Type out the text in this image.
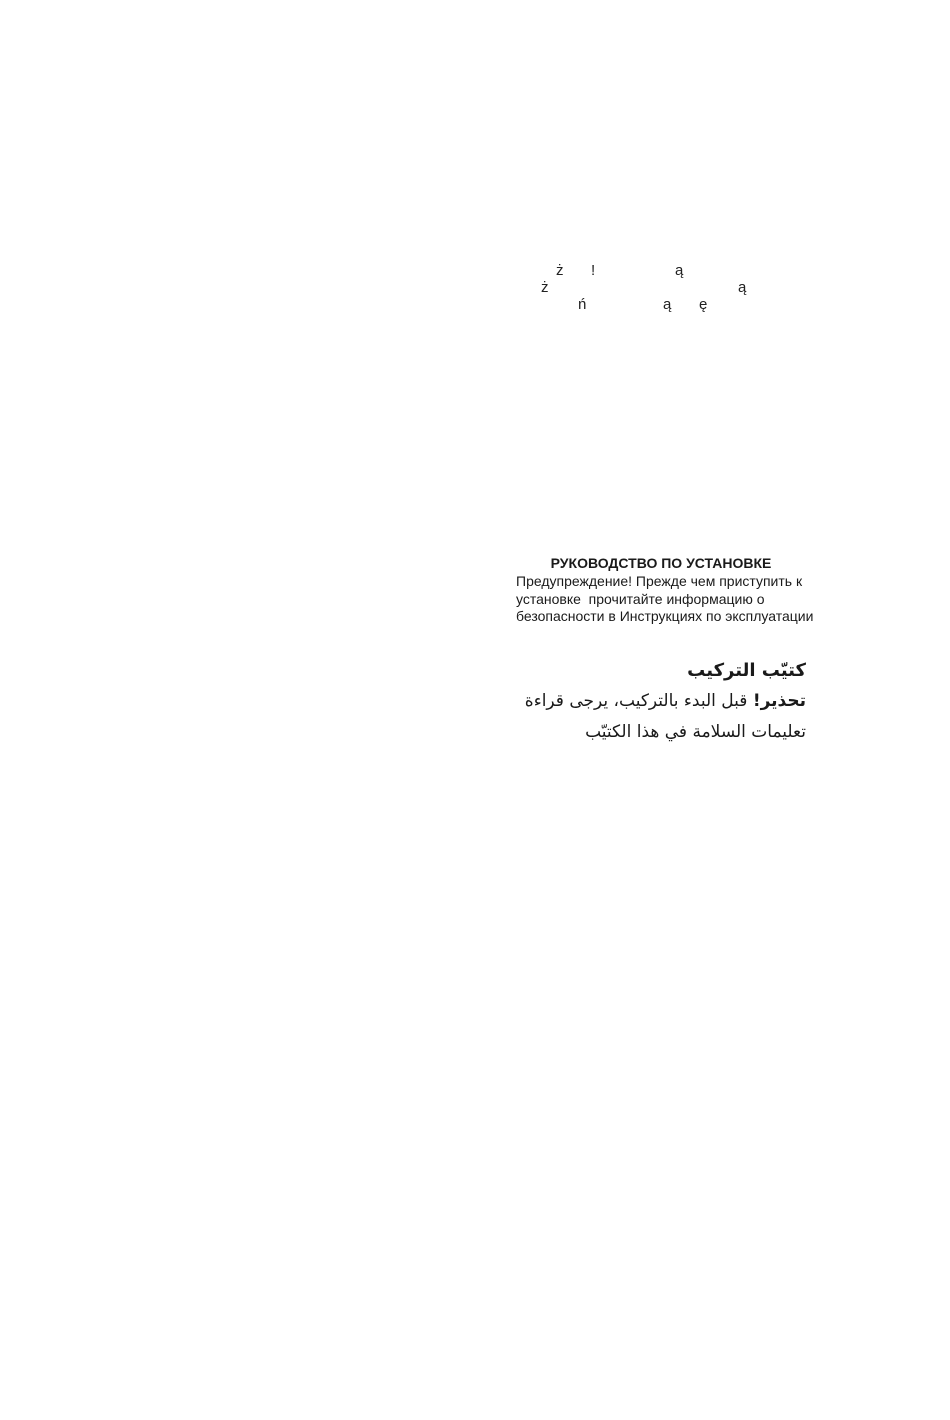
ż !	ą
ż	ą
ń	ą ę

РУКОВОДСТВО ПО УСТАНОВКЕ

Предупреждение! Прежде чем приступить к
установке  прочитайте информацию о
безопасности в Инструкциях по эксплуатации

كتيّب التركيب

تحذير! قبل البدء بالتركيب، يرجى قراءة
تعليمات السلامة في هذا الكتيّب
